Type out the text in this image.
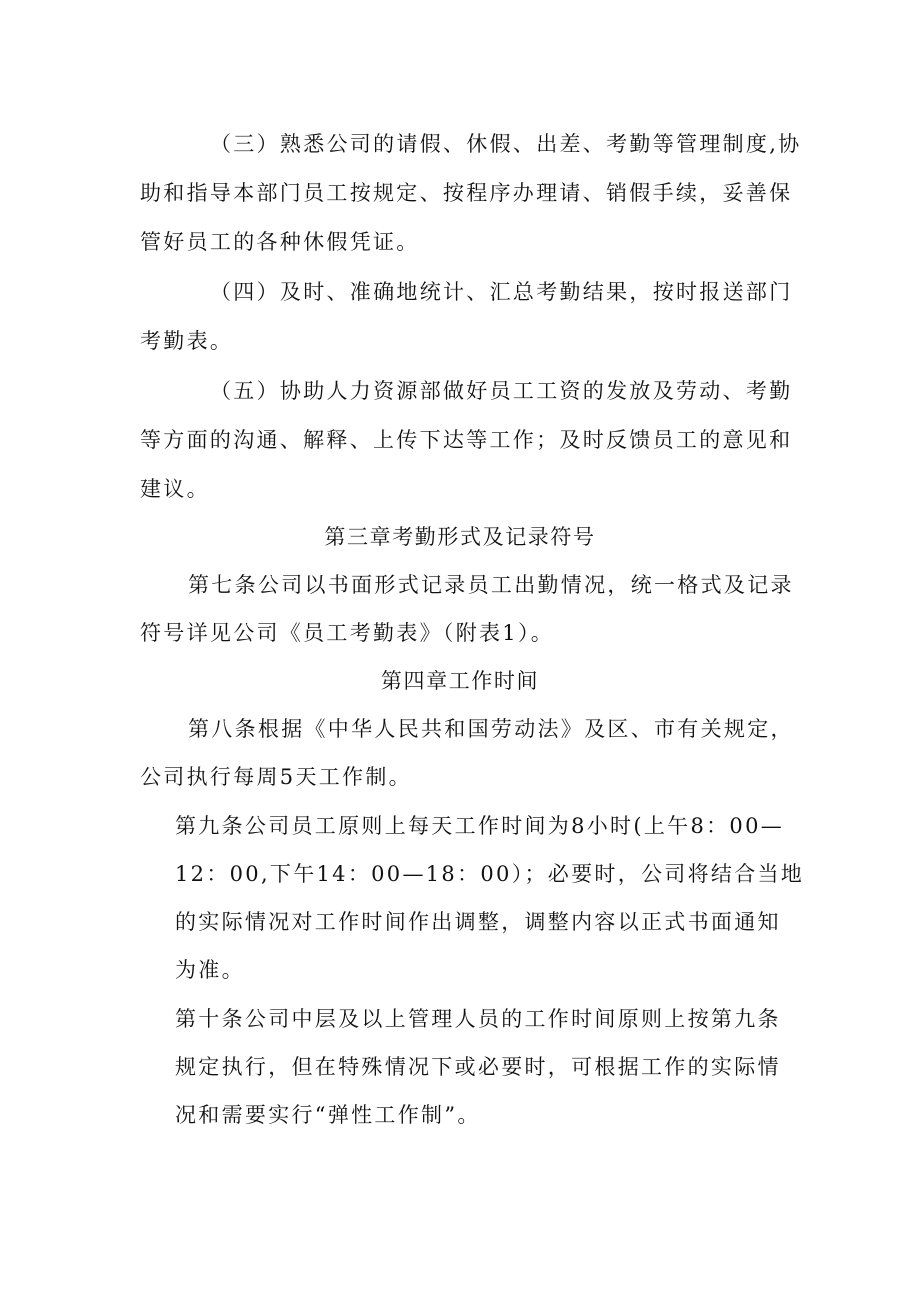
（三）熟悉公司的请假、休假、出差、考勤等管理制度,协
助和指导本部门员工按规定、按程序办理请、销假手续，妥善保
管好员工的各种休假凭证。
（四）及时、准确地统计、汇总考勤结果，按时报送部门
考勤表。
（五）协助人力资源部做好员工工资的发放及劳动、考勤
等方面的沟通、解释、上传下达等工作；及时反馈员工的意见和
建议。
第三章考勤形式及记录符号
第七条公司以书面形式记录员工出勤情况，统一格式及记录
符号详见公司《员工考勤表》（附表1）。
第四章工作时间
第八条根据《中华人民共和国劳动法》及区、市有关规定，
公司执行每周5天工作制。
第九条公司员工原则上每天工作时间为8小时(上午8：00—
12：00,下午14：00—18：00）；必要时，公司将结合当地
的实际情况对工作时间作出调整，调整内容以正式书面通知
为准。
第十条公司中层及以上管理人员的工作时间原则上按第九条
规定执行，但在特殊情况下或必要时，可根据工作的实际情
况和需要实行“弹性工作制”。
